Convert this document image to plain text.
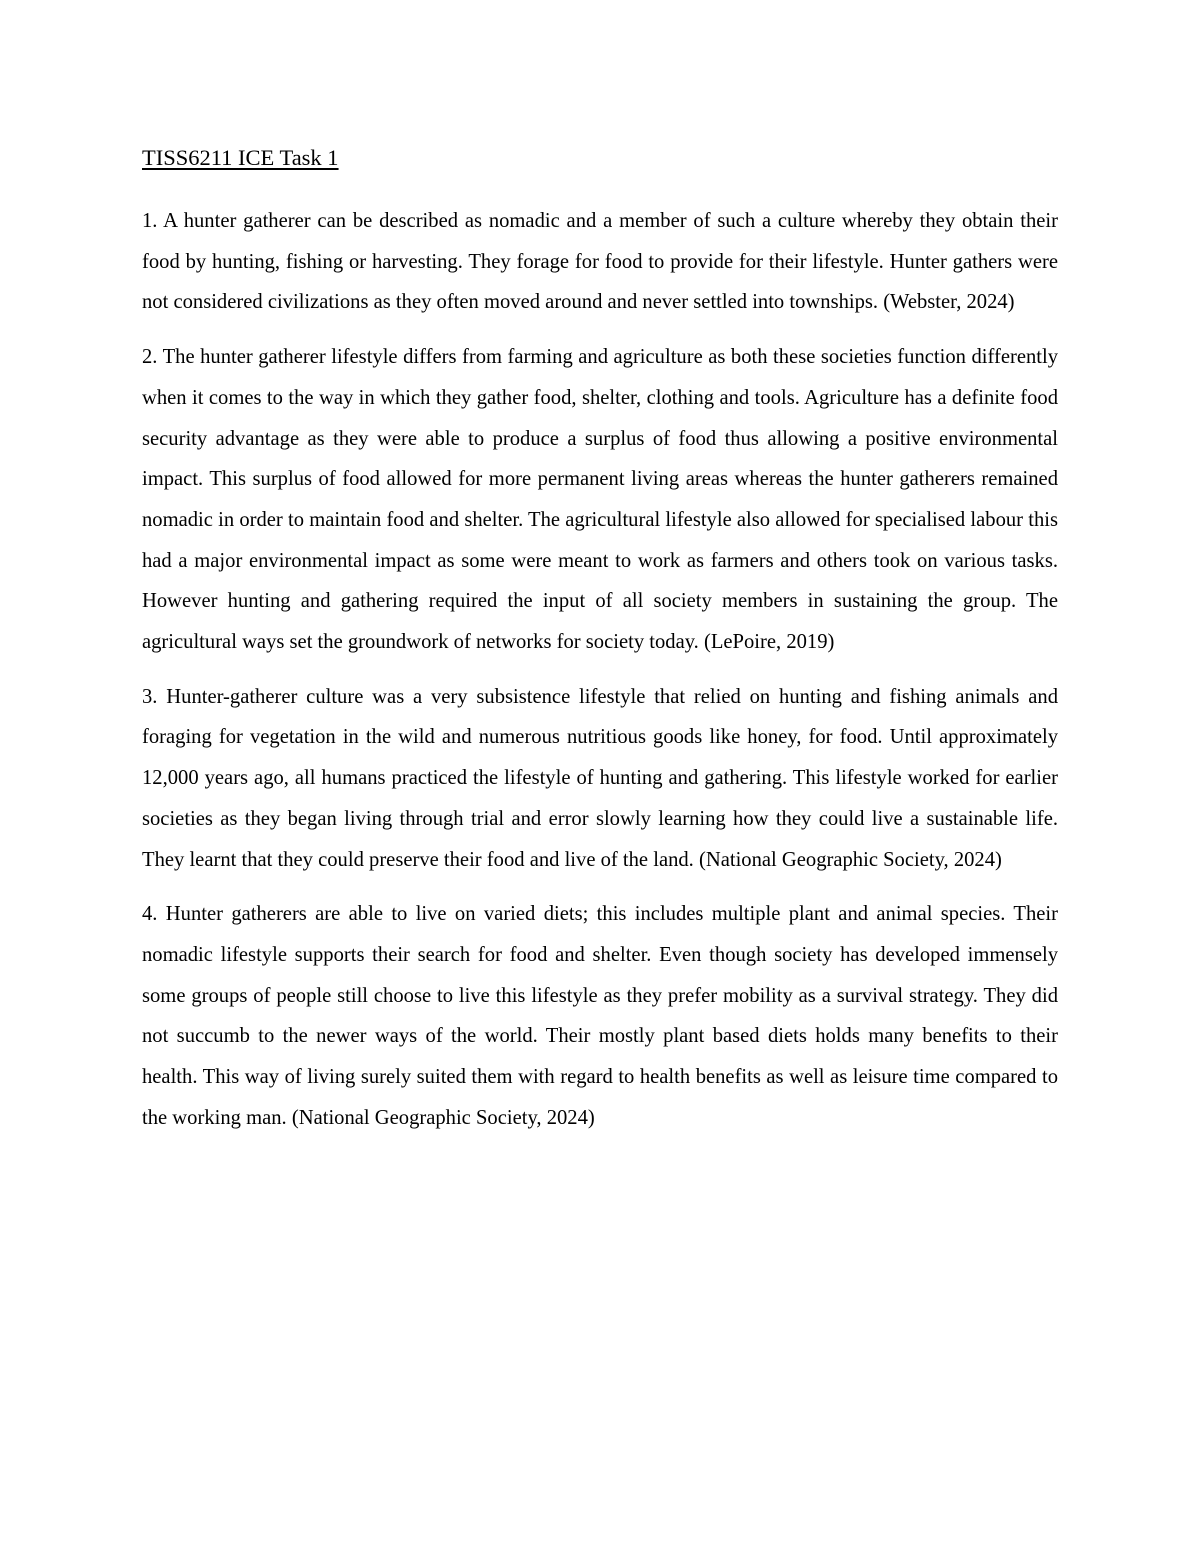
TISS6211 ICE Task 1

1. A hunter gatherer can be described as nomadic and a member of such a culture whereby they obtain their food by hunting, fishing or harvesting. They forage for food to provide for their lifestyle. Hunter gathers were not considered civilizations as they often moved around and never settled into townships. (Webster, 2024)

2. The hunter gatherer lifestyle differs from farming and agriculture as both these societies function differently when it comes to the way in which they gather food, shelter, clothing and tools. Agriculture has a definite food security advantage as they were able to produce a surplus of food thus allowing a positive environmental impact. This surplus of food allowed for more permanent living areas whereas the hunter gatherers remained nomadic in order to maintain food and shelter. The agricultural lifestyle also allowed for specialised labour this had a major environmental impact as some were meant to work as farmers and others took on various tasks. However hunting and gathering required the input of all society members in sustaining the group. The agricultural ways set the groundwork of networks for society today. (LePoire, 2019)

3. Hunter-gatherer culture was a very subsistence lifestyle that relied on hunting and fishing animals and foraging for vegetation in the wild and numerous nutritious goods like honey, for food. Until approximately 12,000 years ago, all humans practiced the lifestyle of hunting and gathering. This lifestyle worked for earlier societies as they began living through trial and error slowly learning how they could live a sustainable life. They learnt that they could preserve their food and live of the land. (National Geographic Society, 2024)

4. Hunter gatherers are able to live on varied diets; this includes multiple plant and animal species. Their nomadic lifestyle supports their search for food and shelter. Even though society has developed immensely some groups of people still choose to live this lifestyle as they prefer mobility as a survival strategy. They did not succumb to the newer ways of the world. Their mostly plant based diets holds many benefits to their health. This way of living surely suited them with regard to health benefits as well as leisure time compared to the working man. (National Geographic Society, 2024)
